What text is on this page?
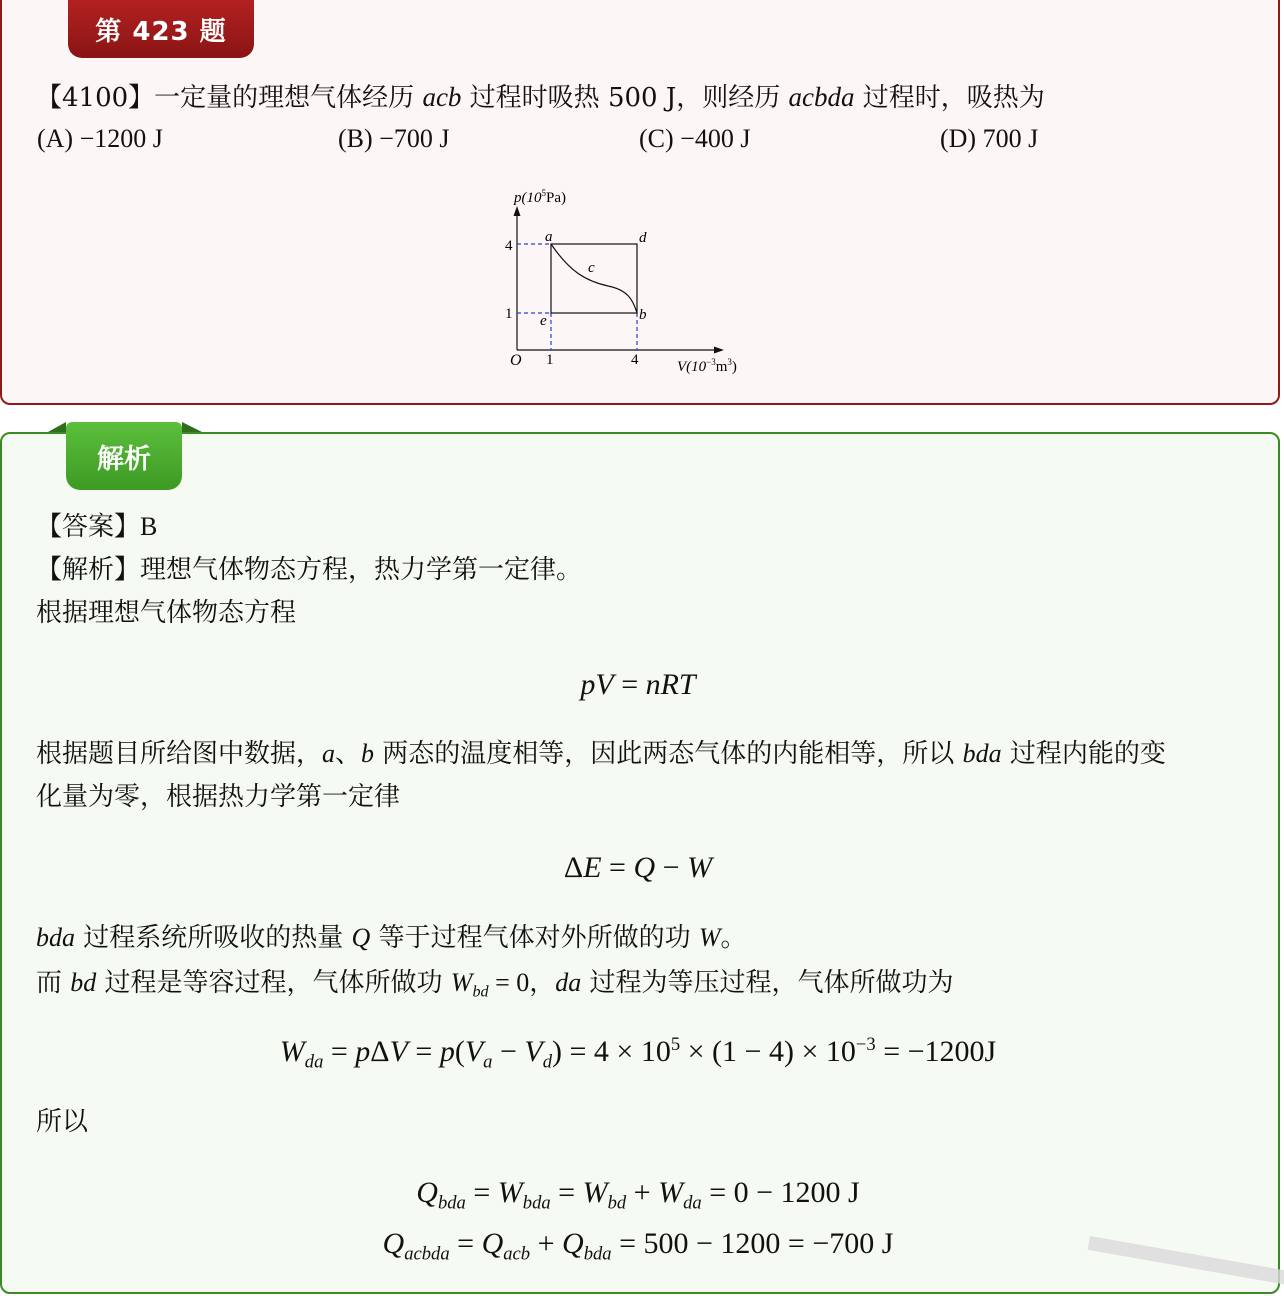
第 423 题
【4100】一定量的理想气体经历 acb 过程时吸热 500 J，则经历 acbda 过程时，吸热为
(A) −1200 J	(B) −700 J	(C) −400 J	(D) 700 J
$p(10^5Pa)$
$V(10^{-3}m^3)$
O 1	4
4
1
a	d
c
b
e
解析
【答案】B
【解析】理想气体物态方程，热力学第一定律。
根据理想气体物态方程
pV = nRT
根据题目所给图中数据，a、b 两态的温度相等，因此两态气体的内能相等，所以 bda 过程内能的变
化量为零，根据热力学第一定律
ΔE = Q − W
bda 过程系统所吸收的热量 Q 等于过程气体对外所做的功 W。
而 bd 过程是等容过程，气体所做功 $W_{bd} = 0$，da 过程为等压过程，气体所做功为
$W_{da} = p\Delta V = p(V_a - V_d) = 4 \times 10^5 \times (1 - 4) \times 10^{-3} = -1200J$
所以
$Q_{bda} = W_{bda} = W_{bd} + W_{da} = 0 - 1200$ J
$Q_{acbda} = Q_{acb} + Q_{bda} = 500 - 1200 = -700$ J
